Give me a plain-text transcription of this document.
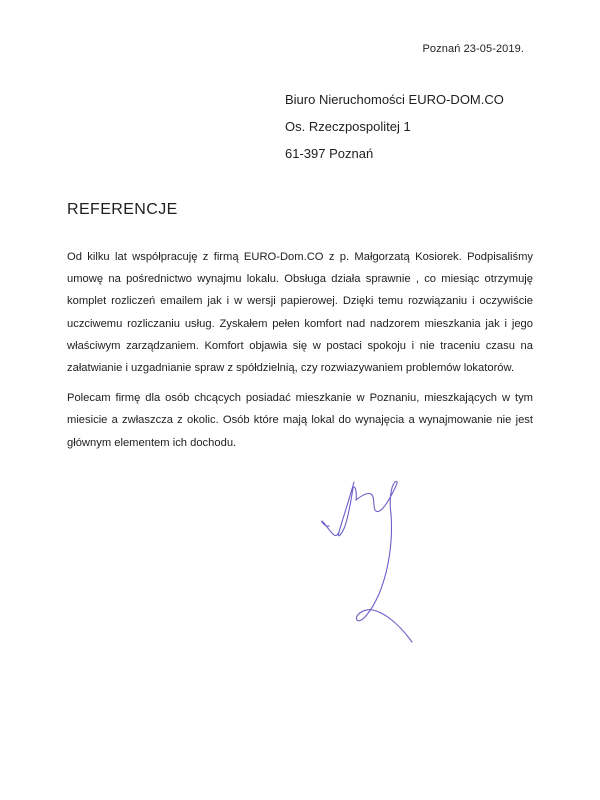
Poznań 23-05-2019.
Biuro Nieruchomości EURO-DOM.CO
Os. Rzeczpospolitej 1
61-397 Poznań
REFERENCJE

Od kilku lat współpracuję z firmą EURO-Dom.CO z p. Małgorzatą Kosiorek. Podpisaliśmy umowę na pośrednictwo wynajmu lokalu. Obsługa działa sprawnie , co miesiąc otrzymuję komplet rozliczeń emailem jak i w wersji papierowej. Dzięki temu rozwiązaniu i oczywiście uczciwemu rozliczaniu usług. Zyskałem pełen komfort nad nadzorem mieszkania jak i jego właściwym zarządzaniem. Komfort objawia się w postaci spokoju i nie traceniu czasu na załatwianie i uzgadnianie spraw z spółdzielnią, czy rozwiazywaniem problemów lokatorów.

Polecam firmę dla osób chcących posiadać mieszkanie w Poznaniu, mieszkających w tym miesicie a zwłaszcza z okolic. Osób które mają lokal do wynajęcia a wynajmowanie nie jest głównym elementem ich dochodu.
